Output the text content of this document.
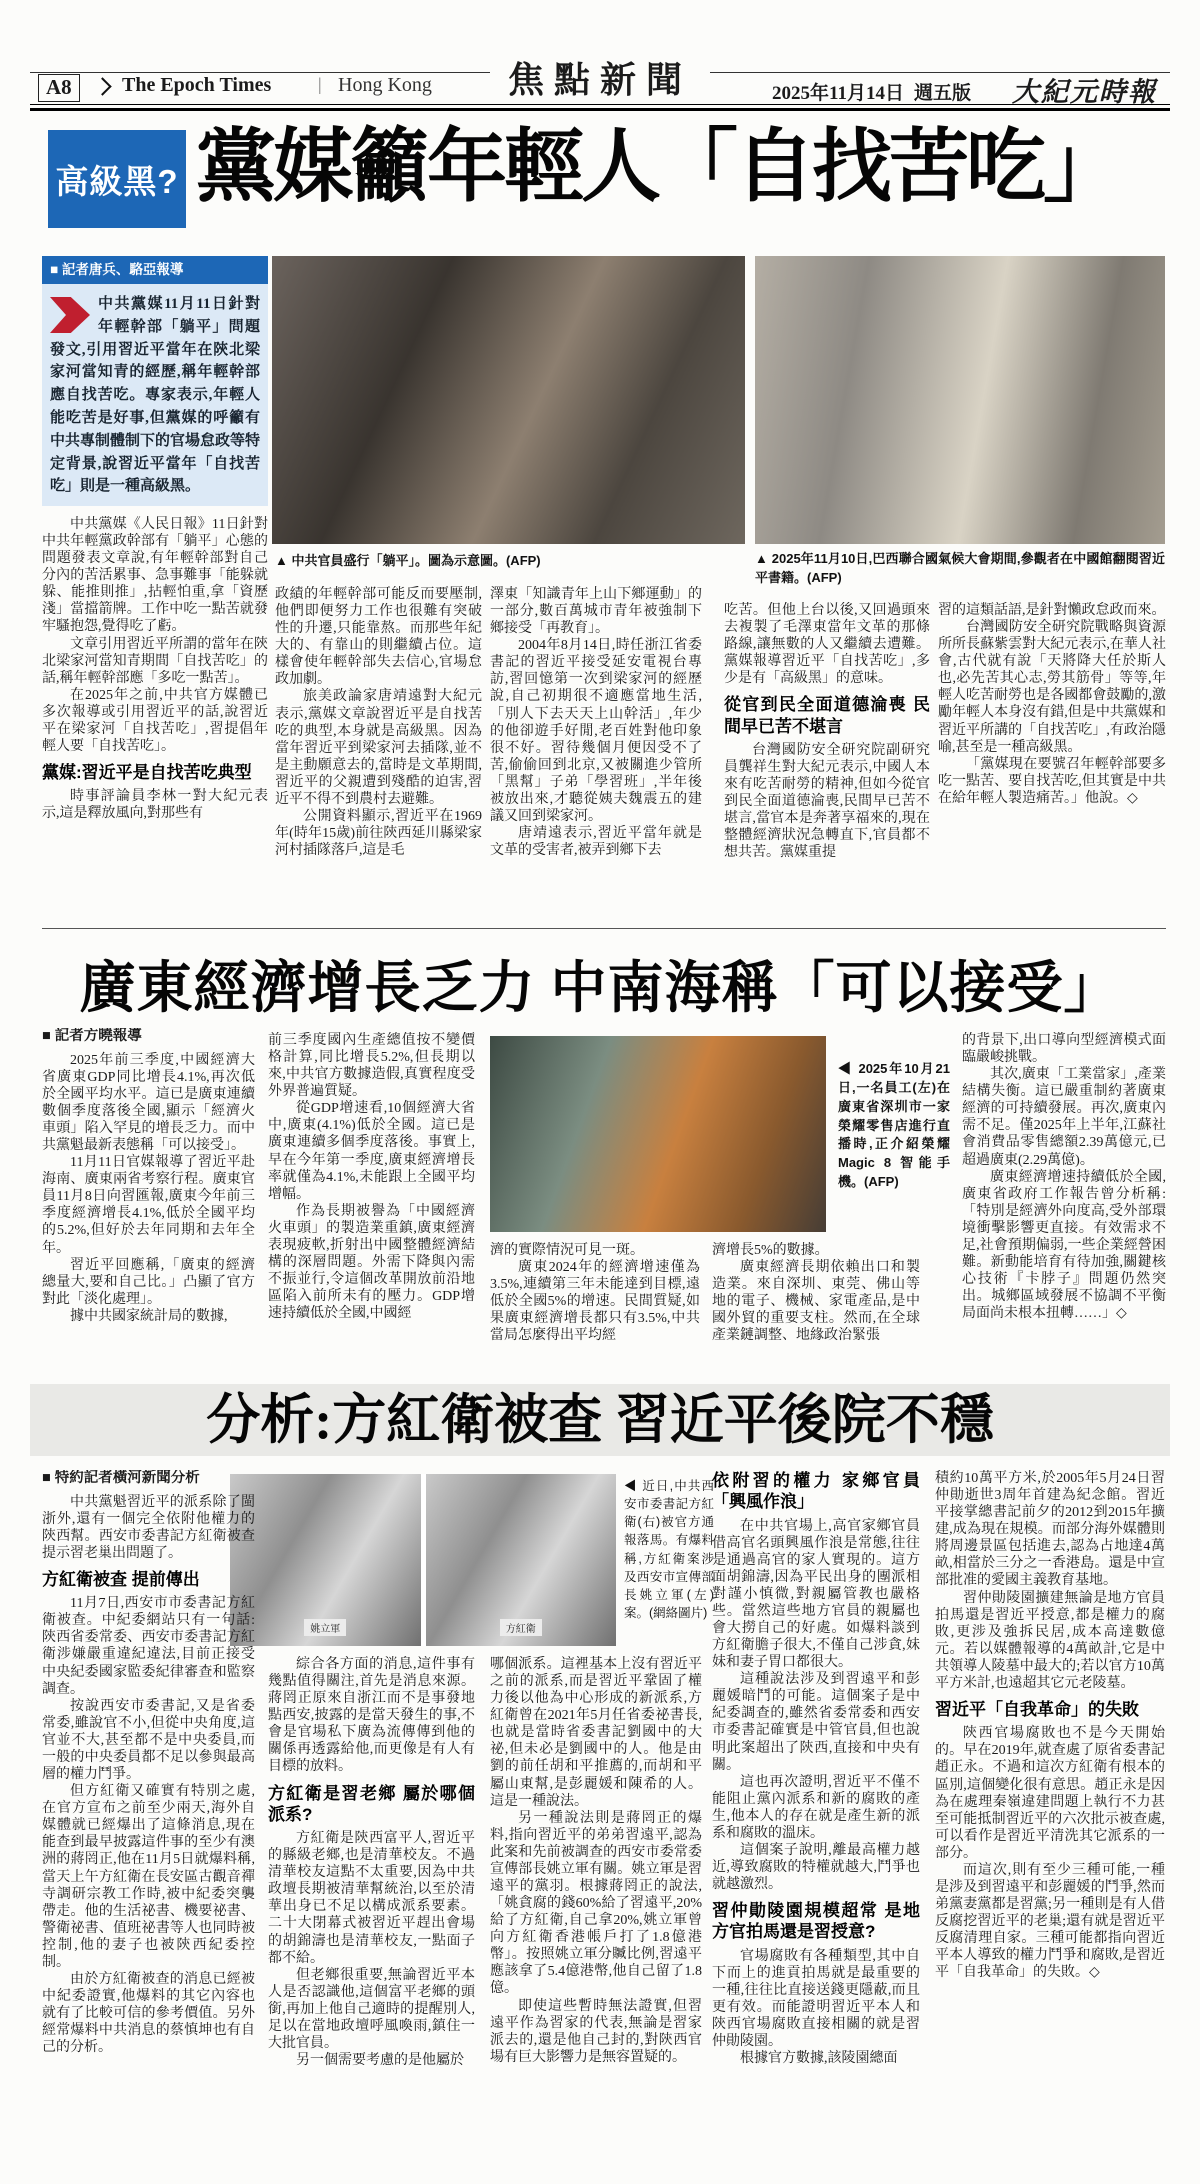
A8	The Epoch Times	| Hong Kong	焦點新聞	2025年11月14日 週五版 大紀元時報
高級黑? 黨媒籲年輕人「自找苦吃」
■ 記者唐兵、駱亞報導
中共黨媒11月11日針對年輕幹部「躺平」問題發文,引用習近平當年在陝北梁家河當知青的經歷,稱年輕幹部應自找苦吃。專家表示,年輕人能吃苦是好事,但黨媒的呼籲有中共專制體制下的官場怠政等特定背景,說習近平當年「自找苦吃」則是一種高級黑。
▲ 中共官員盛行「躺平」。圖為示意圖。(AFP)	▲ 2025年11月10日,巴西聯合國氣候大會期間,參觀者在中國館翻閱習近平書籍。(AFP)

中共黨媒《人民日報》11日針對中共年輕黨政幹部有「躺平」心態的問題發表文章說,有年輕幹部對自己分內的苦活累事、急事難事「能躲就躲、能推則推」,拈輕怕重,拿「資歷淺」當擋箭牌。工作中吃一點苦就發牢騷抱怨,覺得吃了虧。

文章引用習近平所謂的當年在陝北梁家河當知青期間「自找苦吃」的話,稱年輕幹部應「多吃一點苦」。

在2025年之前,中共官方媒體已多次報導或引用習近平的話,說習近平在梁家河「自找苦吃」,習提倡年輕人要「自找苦吃」。

黨媒:習近平是自找苦吃典型

時事評論員李林一對大紀元表示,這是釋放風向,對那些有

政績的年輕幹部可能反而要壓制,他們即便努力工作也很難有突破性的升遷,只能靠熬。而那些年紀大的、有靠山的則繼續占位。這樣會使年輕幹部失去信心,官場怠政加劇。

旅美政論家唐靖遠對大紀元表示,黨媒文章說習近平是自找苦吃的典型,本身就是高級黑。因為當年習近平到梁家河去插隊,並不是主動願意去的,當時是文革期間,習近平的父親遭到殘酷的迫害,習近平不得不到農村去避難。

公開資料顯示,習近平在1969年(時年15歲)前往陝西延川縣梁家河村插隊落戶,這是毛

澤東「知識青年上山下鄉運動」的一部分,數百萬城市青年被強制下鄉接受「再教育」。

2004年8月14日,時任浙江省委書記的習近平接受延安電視台專訪,習回憶第一次到梁家河的經歷說,自己初期很不適應當地生活,「別人下去天天上山幹活」,年少的他卻遊手好閒,老百姓對他印象很不好。習待幾個月便因受不了苦,偷偷回到北京,又被關進少管所「黑幫」子弟「學習班」,半年後被放出來,才聽從姨夫魏震五的建議又回到梁家河。

唐靖遠表示,習近平當年就是文革的受害者,被弄到鄉下去

吃苦。但他上台以後,又回過頭來去複製了毛澤東當年文革的那條路線,讓無數的人又繼續去遭難。黨媒報導習近平「自找苦吃」,多少是有「高級黑」的意味。

從官到民全面道德淪喪 民間早已苦不堪言

台灣國防安全研究院副研究員龔祥生對大紀元表示,中國人本來有吃苦耐勞的精神,但如今從官到民全面道德淪喪,民間早已苦不堪言,當官本是奔著享福來的,現在整體經濟狀況急轉直下,官員都不想共苦。黨媒重提

習的這類話語,是針對懶政怠政而來。

台灣國防安全研究院戰略與資源所所長蘇紫雲對大紀元表示,在華人社會,古代就有說「天將降大任於斯人也,必先苦其心志,勞其筋骨」等等,年輕人吃苦耐勞也是各國都會鼓勵的,激勵年輕人本身沒有錯,但是中共黨媒和習近平所講的「自找苦吃」,有政治隱喻,甚至是一種高級黑。

「黨媒現在要號召年輕幹部要多吃一點苦、要自找苦吃,但其實是中共在給年輕人製造痛苦。」他說。◇

廣東經濟增長乏力 中南海稱「可以接受」

■ 記者方曉報導

2025年前三季度,中國經濟大省廣東GDP同比增長4.1%,再次低於全國平均水平。這已是廣東連續數個季度落後全國,顯示「經濟火車頭」陷入罕見的增長乏力。而中共黨魁最新表態稱「可以接受」。

11月11日官媒報導了習近平赴海南、廣東兩省考察行程。廣東官員11月8日向習匯報,廣東今年前三季度經濟增長4.1%,低於全國平均的5.2%,但好於去年同期和去年全年。

習近平回應稱,「廣東的經濟總量大,要和自己比。」凸顯了官方對此「淡化處理」。

據中共國家統計局的數據,

前三季度國內生產總值按不變價格計算,同比增長5.2%,但長期以來,中共官方數據造假,真實程度受外界普遍質疑。

從GDP增速看,10個經濟大省中,廣東(4.1%)低於全國。這已是廣東連續多個季度落後。事實上,早在今年第一季度,廣東經濟增長率就僅為4.1%,未能跟上全國平均增幅。

作為長期被譽為「中國經濟火車頭」的製造業重鎮,廣東經濟表現疲軟,折射出中國整體經濟結構的深層問題。外需下降與內需不振並行,令這個改革開放前沿地區陷入前所未有的壓力。GDP增速持續低於全國,中國經

◀ 2025年10月21日,一名員工(左)在廣東省深圳市一家榮耀零售店進行直播時,正介紹榮耀 Magic 8 智能手機。(AFP)

濟的實際情況可見一斑。

廣東2024年的經濟增速僅為3.5%,連續第三年未能達到目標,遠低於全國5%的增速。民間質疑,如果廣東經濟增長都只有3.5%,中共當局怎麼得出平均經

濟增長5%的數據。

廣東經濟長期依賴出口和製造業。來自深圳、東莞、佛山等地的電子、機械、家電產品,是中國外貿的重要支柱。然而,在全球產業鏈調整、地緣政治緊張

的背景下,出口導向型經濟模式面臨嚴峻挑戰。

其次,廣東「工業當家」,產業結構失衡。這已嚴重制約著廣東經濟的可持續發展。再次,廣東內需不足。僅2025年上半年,江蘇社會消費品零售總額2.39萬億元,已超過廣東(2.29萬億)。

廣東經濟增速持續低於全國,廣東省政府工作報告曾分析稱:「特別是經濟外向度高,受外部環境衝擊影響更直接。有效需求不足,社會預期偏弱,一些企業經營困難。新動能培育有待加強,關鍵核心技術『卡脖子』問題仍然突出。城鄉區域發展不協調不平衡局面尚未根本扭轉……」◇

分析:方紅衛被查 習近平後院不穩
姚立軍	方紅衛
◀ 近日,中共西安市委書記方紅衛(右)被官方通報落馬。有爆料稱,方紅衛案涉及西安市宣傳部長姚立軍(左)案。(網絡圖片)

■ 特約記者橫河新聞分析

中共黨魁習近平的派系除了閩浙外,還有一個完全依附他權力的陝西幫。西安市委書記方紅衛被查提示習老巢出問題了。

方紅衛被查 提前傳出

11月7日,西安市市委書記方紅衛被查。中紀委網站只有一句話:陝西省委常委、西安市委書記方紅衛涉嫌嚴重違紀違法,目前正接受中央紀委國家監委紀律審查和監察調查。

按說西安市委書記,又是省委常委,雖說官不小,但從中央角度,這官並不大,甚至都不是中央委員,而一般的中央委員都不足以參與最高層的權力鬥爭。

但方紅衛又確實有特別之處,在官方宣布之前至少兩天,海外自媒體就已經爆出了這條消息,現在能查到最早披露這件事的至少有澳洲的蔣罔正,他在11月5日就爆料稱,當天上午方紅衛在長安區古觀音禪寺調研宗教工作時,被中紀委突襲帶走。他的生活祕書、機要祕書、警衛祕書、值班祕書等人也同時被控制,他的妻子也被陝西紀委控制。

由於方紅衛被查的消息已經被中紀委證實,他爆料的其它內容也就有了比較可信的參考價值。另外經常爆料中共消息的蔡慎坤也有自己的分析。

綜合各方面的消息,這件事有幾點值得關注,首先是消息來源。蔣罔正原來自浙江而不是事發地點西安,披露的是當天發生的事,不會是官場私下廣為流傳傳到他的關係再透露給他,而更像是有人有目標的放料。

方紅衛是習老鄉 屬於哪個派系?

方紅衛是陝西富平人,習近平的縣級老鄉,也是清華校友。不過清華校友這點不太重要,因為中共政壇長期被清華幫統治,以至於清華出身已不足以構成派系要素。二十大閉幕式被習近平趕出會場的胡錦濤也是清華校友,一點面子都不給。

但老鄉很重要,無論習近平本人是否認識他,這個富平老鄉的頭銜,再加上他自己適時的提醒別人,足以在當地政壇呼風喚雨,鎮住一大批官員。

另一個需要考慮的是他屬於

哪個派系。這裡基本上沒有習近平之前的派系,而是習近平鞏固了權力後以他為中心形成的新派系,方紅衛曾在2021年5月任省委祕書長,也就是當時省委書記劉國中的大祕,但未必是劉國中的人。他是由劉的前任胡和平推薦的,而胡和平屬山東幫,是彭麗媛和陳希的人。這是一種說法。

另一種說法則是蔣罔正的爆料,指向習近平的弟弟習遠平,認為此案和先前被調查的西安市委常委宣傳部長姚立軍有關。姚立軍是習遠平的黨羽。根據蔣罔正的說法,「姚貪腐的錢60%給了習遠平,20%給了方紅衛,自己拿20%,姚立軍曾向方紅衛香港帳戶打了1.8億港幣」。按照姚立軍分贓比例,習遠平應該拿了5.4億港幣,他自己留了1.8億。

即使這些暫時無法證實,但習遠平作為習家的代表,無論是習家派去的,還是他自己封的,對陝西官場有巨大影響力是無容置疑的。

依附習的權力 家鄉官員「興風作浪」

在中共官場上,高官家鄉官員借高官名頭興風作浪是常態,往往是通過高官的家人實現的。這方面胡錦濤,因為平民出身的團派相對謹小慎微,對親屬管教也嚴格些。當然這些地方官員的親屬也會大撈自己的好處。如爆料談到方紅衛膽子很大,不僅自己涉貪,妹妹和妻子胃口都很大。

這種說法涉及到習遠平和彭麗媛暗鬥的可能。這個案子是中紀委調查的,雖然省委常委和西安市委書記確實是中管官員,但也說明此案超出了陝西,直接和中央有關。

這也再次證明,習近平不僅不能阻止黨內派系和新的腐敗的產生,他本人的存在就是產生新的派系和腐敗的溫床。

這個案子說明,離最高權力越近,導致腐敗的特權就越大,鬥爭也就越激烈。

習仲勛陵園規模超常 是地方官拍馬還是習授意?

官場腐敗有各種類型,其中自下而上的進貢拍馬就是最重要的一種,往往比直接送錢更隱蔽,而且更有效。而能證明習近平本人和陝西官場腐敗直接相關的就是習仲勛陵園。

根據官方數據,該陵園總面

積約10萬平方米,於2005年5月24日習仲勛逝世3周年首建為紀念館。習近平接掌總書記前夕的2012到2015年擴建,成為現在規模。而部分海外媒體則將周邊景區包括進去,認為占地達4萬畝,相當於三分之一香港島。還是中宣部批准的愛國主義教育基地。

習仲勛陵園擴建無論是地方官員拍馬還是習近平授意,都是權力的腐敗,更涉及強拆民居,成本高達數億元。若以媒體報導的4萬畝計,它是中共領導人陵墓中最大的;若以官方10萬平方米計,也遠超其它元老陵墓。

習近平「自我革命」的失敗

陝西官場腐敗也不是今天開始的。早在2019年,就查處了原省委書記趙正永。不過和這次方紅衛有根本的區別,這個變化很有意思。趙正永是因為在處理秦嶺違建問題上執行不力甚至可能抵制習近平的六次批示被查處,可以看作是習近平清洗其它派系的一部分。

而這次,則有至少三種可能,一種是涉及到習遠平和彭麗媛的鬥爭,然而弟黨妻黨都是習黨;另一種則是有人借反腐挖習近平的老巢;還有就是習近平反腐清理自家。三種可能都指向習近平本人導致的權力鬥爭和腐敗,是習近平「自我革命」的失敗。◇
